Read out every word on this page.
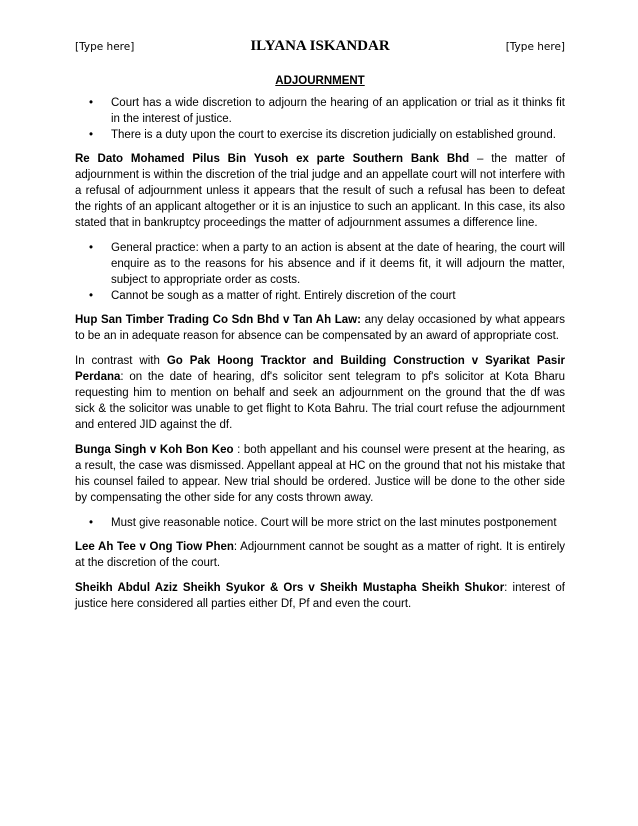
[Type here]	ILYANA ISKANDAR	[Type here]
ADJOURNMENT
• Court has a wide discretion to adjourn the hearing of an application or trial as it thinks fit in the interest of justice.
• There is a duty upon the court to exercise its discretion judicially on established ground.

Re Dato Mohamed Pilus Bin Yusoh ex parte Southern Bank Bhd – the matter of adjournment is within the discretion of the trial judge and an appellate court will not interfere with a refusal of adjournment unless it appears that the result of such a refusal has been to defeat the rights of an applicant altogether or it is an injustice to such an applicant. In this case, its also stated that in bankruptcy proceedings the matter of adjournment assumes a difference line.

• General practice: when a party to an action is absent at the date of hearing, the court will enquire as to the reasons for his absence and if it deems fit, it will adjourn the matter, subject to appropriate order as costs.
• Cannot be sough as a matter of right. Entirely discretion of the court

Hup San Timber Trading Co Sdn Bhd v Tan Ah Law: any delay occasioned by what appears to be an in adequate reason for absence can be compensated by an award of appropriate cost.

In contrast with Go Pak Hoong Tracktor and Building Construction v Syarikat Pasir Perdana: on the date of hearing, df's solicitor sent telegram to pf's solicitor at Kota Bharu requesting him to mention on behalf and seek an adjournment on the ground that the df was sick & the solicitor was unable to get flight to Kota Bahru. The trial court refuse the adjournment and entered JID against the df.

Bunga Singh v Koh Bon Keo : both appellant and his counsel were present at the hearing, as a result, the case was dismissed. Appellant appeal at HC on the ground that not his mistake that his counsel failed to appear. New trial should be ordered. Justice will be done to the other side by compensating the other side for any costs thrown away.

• Must give reasonable notice. Court will be more strict on the last minutes postponement

Lee Ah Tee v Ong Tiow Phen: Adjournment cannot be sought as a matter of right. It is entirely at the discretion of the court.

Sheikh Abdul Aziz Sheikh Syukor & Ors v Sheikh Mustapha Sheikh Shukor: interest of justice here considered all parties either Df, Pf and even the court.
